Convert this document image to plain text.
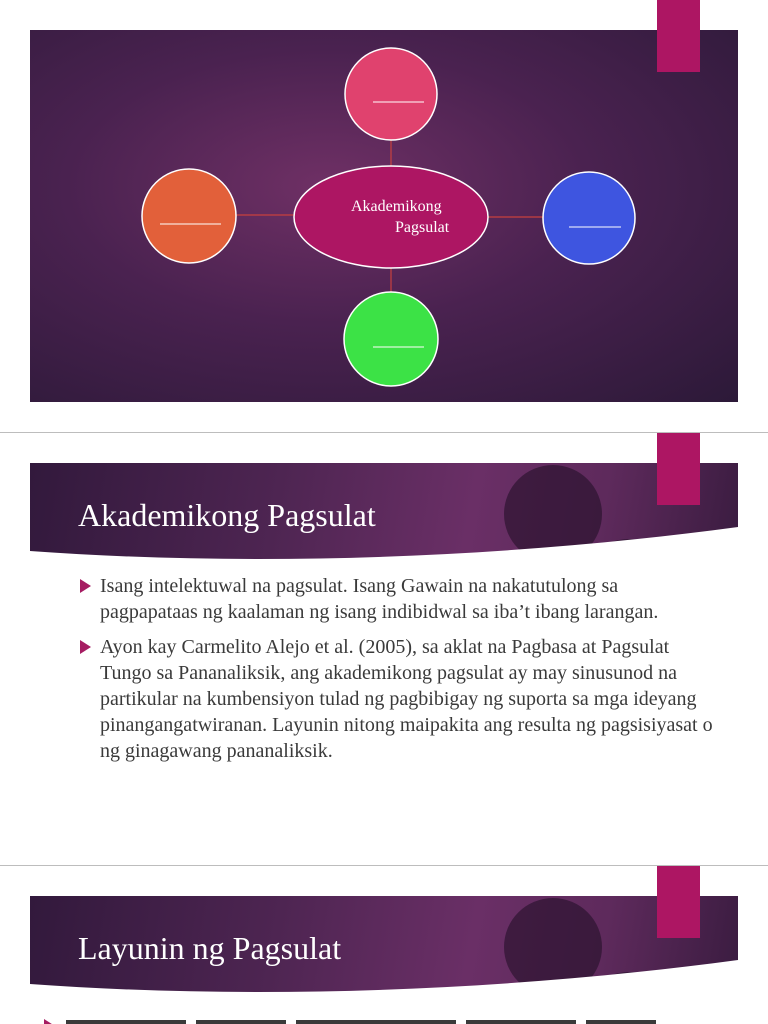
Akademikong
Pagsulat
Akademikong Pagsulat
Isang intelektuwal na pagsulat. Isang Gawain na nakatutulong sa pagpapataas ng kaalaman ng isang indibidwal sa iba’t ibang larangan.
Ayon kay Carmelito Alejo et al. (2005), sa aklat na Pagbasa at Pagsulat Tungo sa Pananaliksik, ang akademikong pagsulat ay may sinusunod na partikular na kumbensiyon tulad ng pagbibigay ng suporta sa mga ideyang pinangangatwiranan. Layunin nitong maipakita ang resulta ng pagsisiyasat o ng ginagawang pananaliksik.
Layunin ng Pagsulat
